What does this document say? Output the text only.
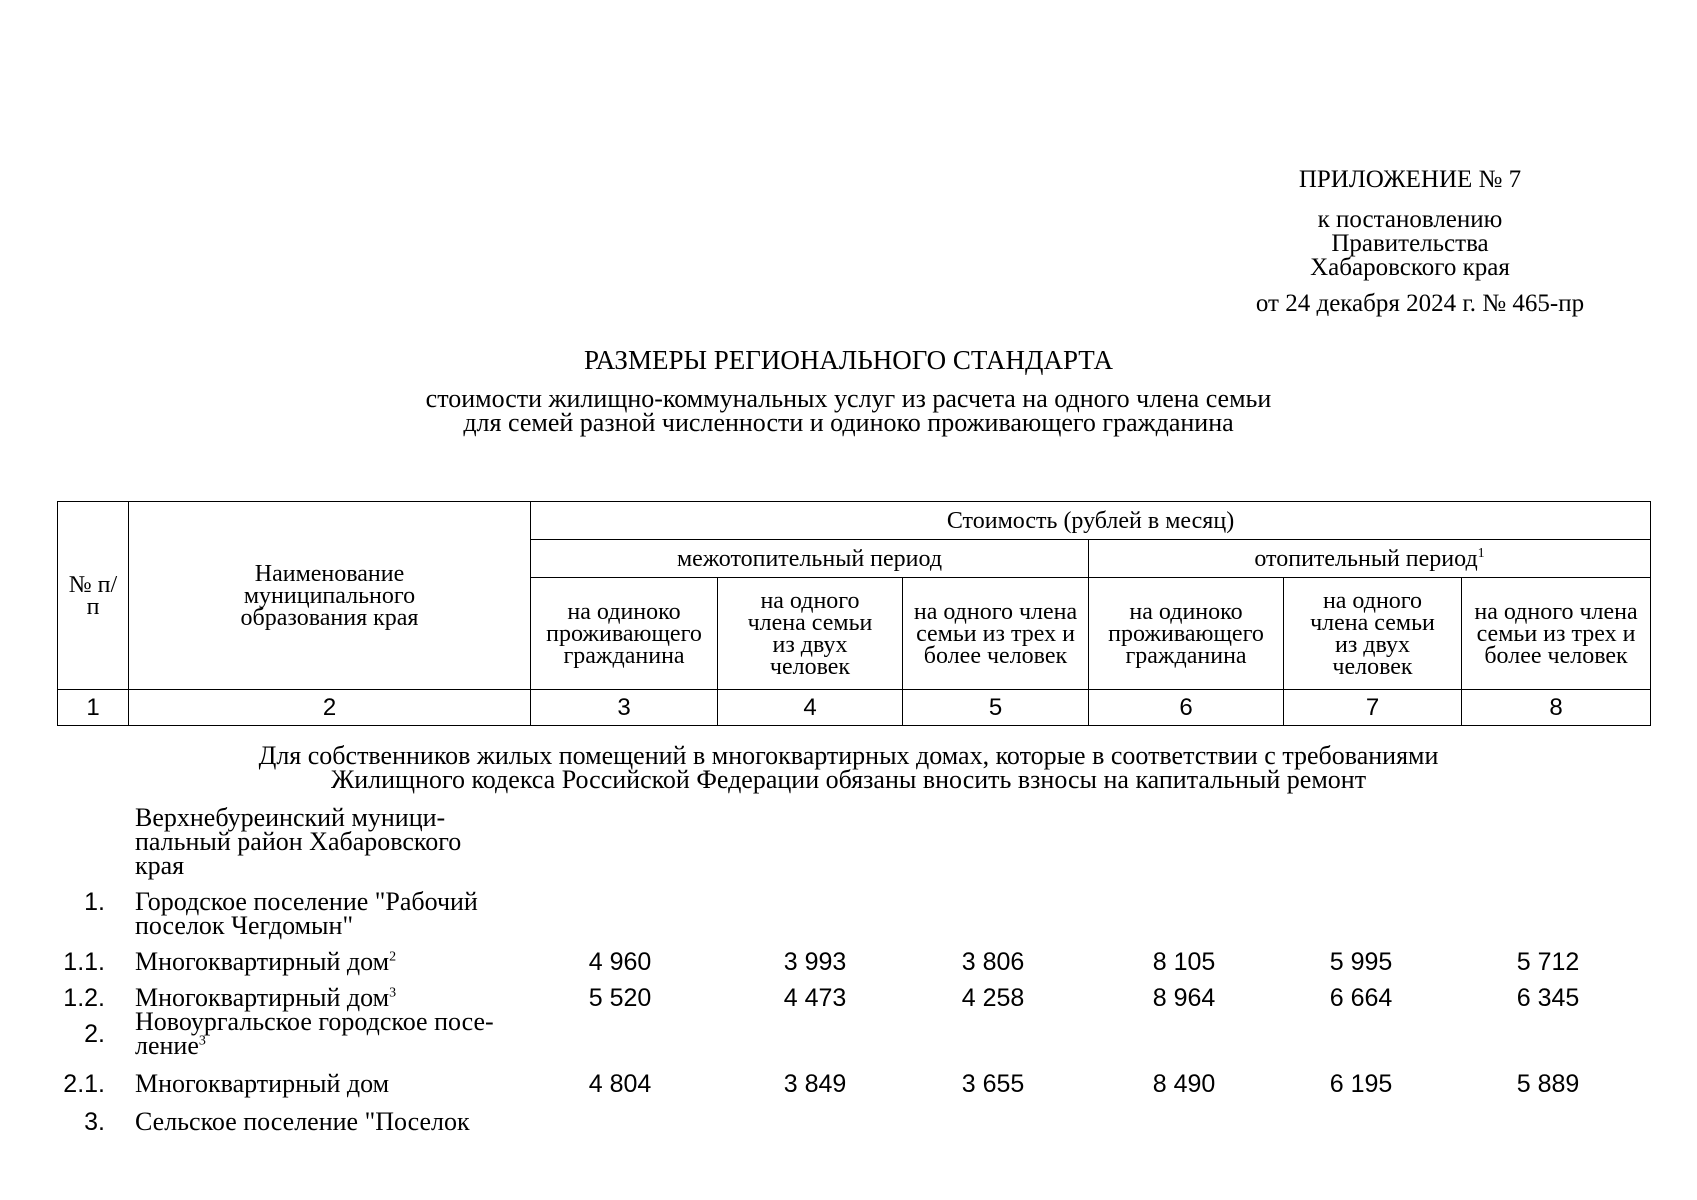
ПРИЛОЖЕНИЕ № 7
к постановлению
Правительства
Хабаровского края
от 24 декабря 2024 г. № 465-пр
РАЗМЕРЫ РЕГИОНАЛЬНОГО СТАНДАРТА
стоимости жилищно-коммунальных услуг из расчета на одного члена семьи
для семей разной численности и одиноко проживающего гражданина
№ п/п	Наименование муниципального образования края	Стоимость (рублей в месяц)					
		межотопительный период			отопительный период$^1$
		на одиноко проживающего гражданина	на одного члена семьи из двух человек	на одного члена семьи из трех и более человек	на одиноко проживающего гражданина	на одного члена семьи из двух человек	на одного члена семьи из трех и более человек
1	2	3	4	5	6	7	8
Для собственников жилых помещений в многоквартирных домах, которые в соответствии с требованиями
Жилищного кодекса Российской Федерации обязаны вносить взносы на капитальный ремонт
Верхнебуреинский муници-пальный район Хабаровского края
1. Городское поселение "Рабочий поселок Чегдомын"
1.1. Многоквартирный дом$^2$	4 960	3 993	3 806	8 105	5 995	5 712
1.2. Многоквартирный дом$^3$	5 520	4 473	4 258	8 964	6 664	6 345
2. Новоургальское городское посе-ление$^3$
2.1. Многоквартирный дом	4 804	3 849	3 655	8 490	6 195	5 889
3. Сельское поселение "Поселок
